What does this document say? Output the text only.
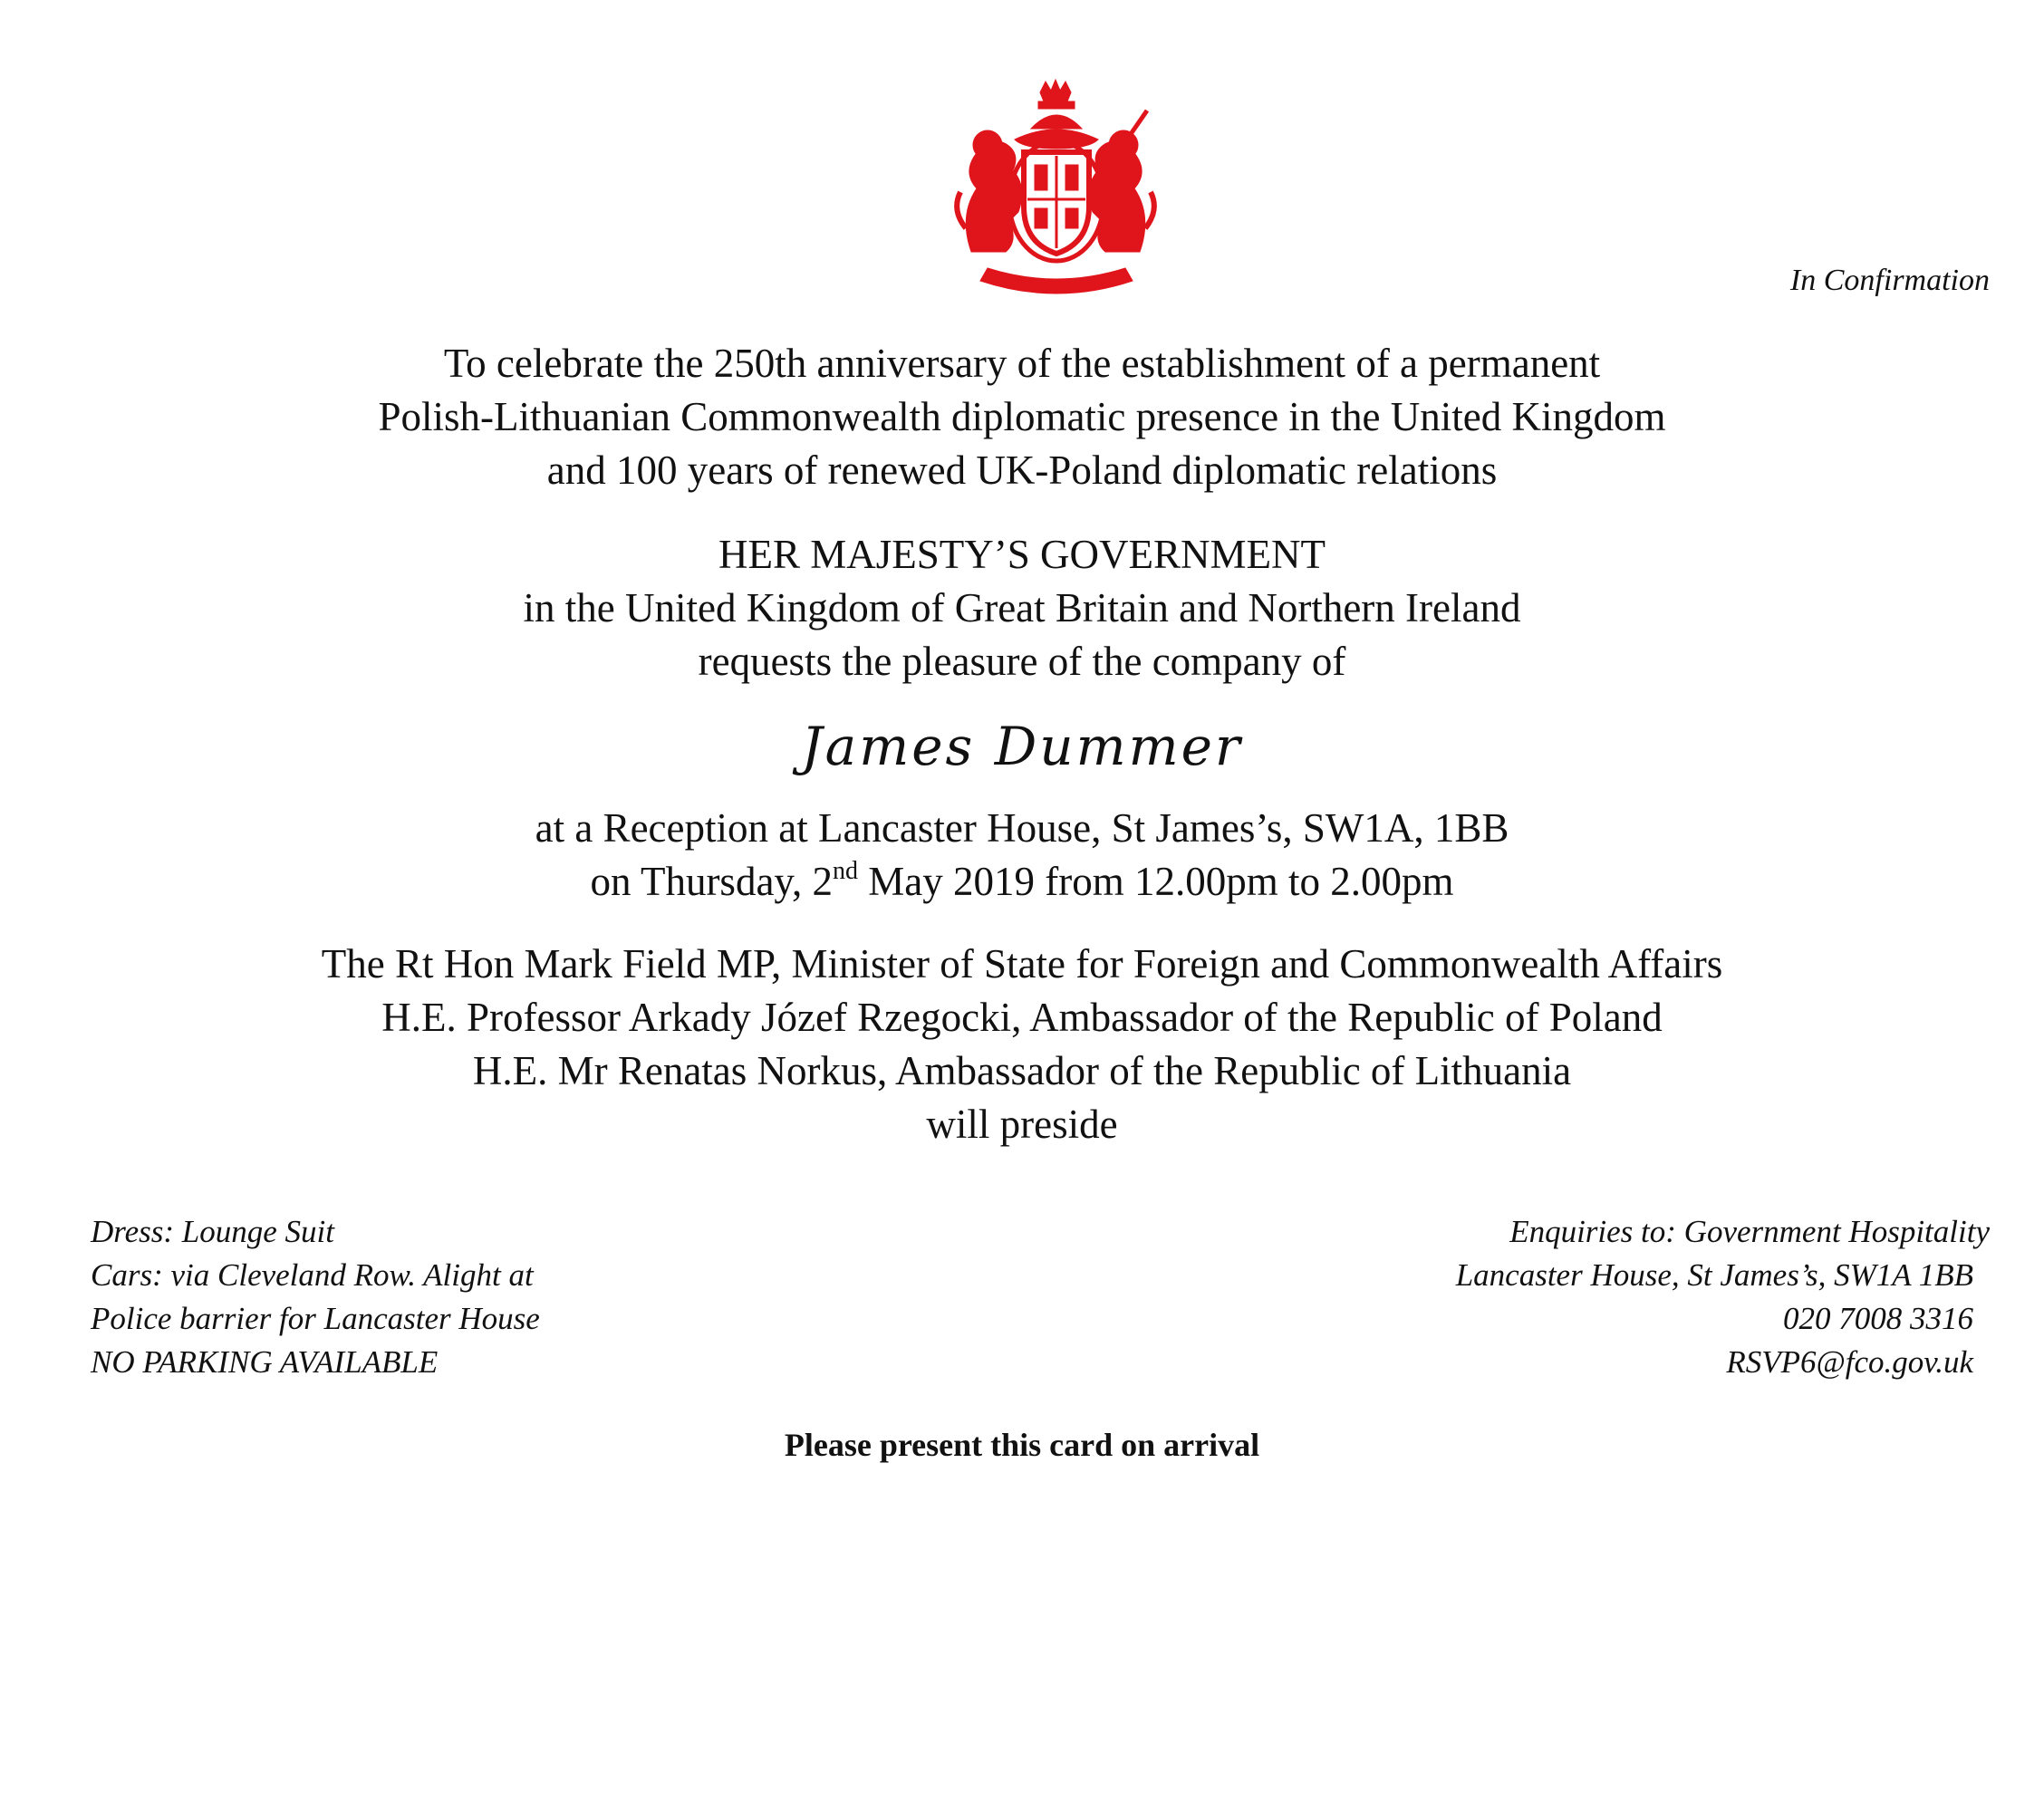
In Confirmation
To celebrate the 250th anniversary of the establishment of a permanent
Polish-Lithuanian Commonwealth diplomatic presence in the United Kingdom
and 100 years of renewed UK-Poland diplomatic relations
HER MAJESTY’S GOVERNMENT
in the United Kingdom of Great Britain and Northern Ireland
requests the pleasure of the company of
James Dummer
at a Reception at Lancaster House, St James’s, SW1A, 1BB
on Thursday, 2nd May 2019 from 12.00pm to 2.00pm
The Rt Hon Mark Field MP, Minister of State for Foreign and Commonwealth Affairs
H.E. Professor Arkady Józef Rzegocki, Ambassador of the Republic of Poland
H.E. Mr Renatas Norkus, Ambassador of the Republic of Lithuania
will preside
Dress: Lounge Suit
Cars: via Cleveland Row. Alight at
Police barrier for Lancaster House
NO PARKING AVAILABLE
Enquiries to: Government Hospitality
Lancaster House, St James’s, SW1A 1BB
020 7008 3316
RSVP6@fco.gov.uk
Please present this card on arrival
